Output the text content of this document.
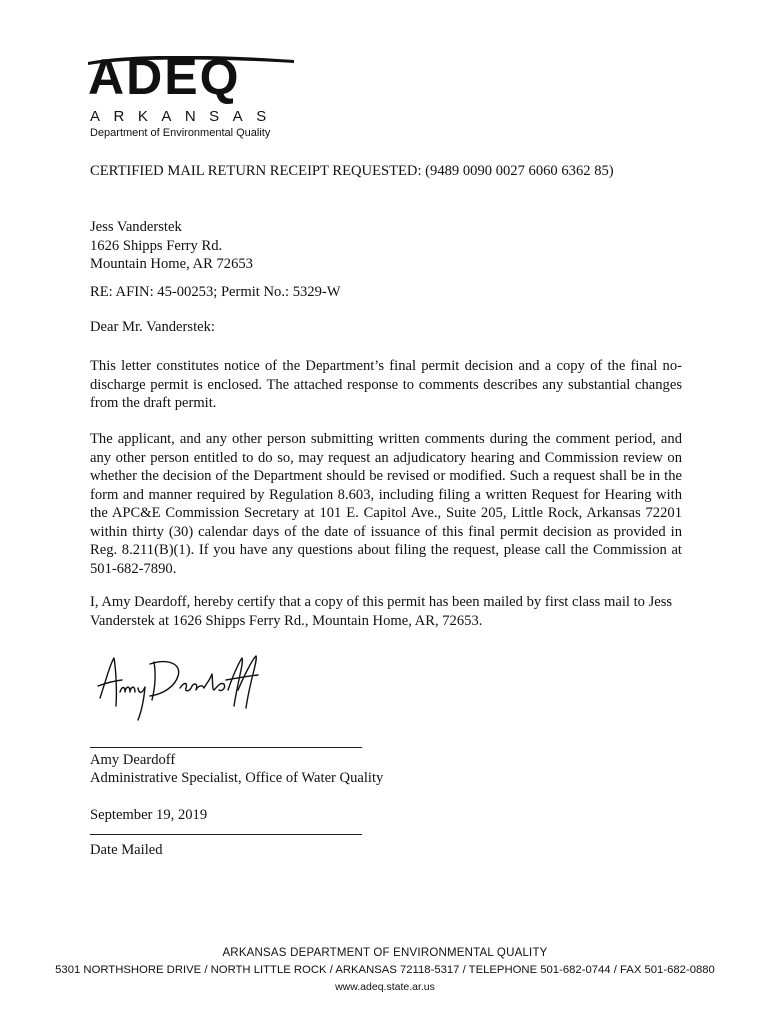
ADEQ
ARKANSAS
Department of Environmental Quality

CERTIFIED MAIL RETURN RECEIPT REQUESTED: (9489 0090 0027 6060 6362 85)

Jess Vanderstek
1626 Shipps Ferry Rd.
Mountain Home, AR 72653

RE: AFIN: 45-00253; Permit No.: 5329-W

Dear Mr. Vanderstek:

This letter constitutes notice of the Department’s final permit decision and a copy of the final no-discharge permit is enclosed. The attached response to comments describes any substantial changes from the draft permit.

The applicant, and any other person submitting written comments during the comment period, and any other person entitled to do so, may request an adjudicatory hearing and Commission review on whether the decision of the Department should be revised or modified. Such a request shall be in the form and manner required by Regulation 8.603, including filing a written Request for Hearing with the APC&E Commission Secretary at 101 E. Capitol Ave., Suite 205, Little Rock, Arkansas 72201 within thirty (30) calendar days of the date of issuance of this final permit decision as provided in Reg. 8.211(B)(1). If you have any questions about filing the request, please call the Commission at 501-682-7890.

I, Amy Deardoff, hereby certify that a copy of this permit has been mailed by first class mail to Jess Vanderstek at 1626 Shipps Ferry Rd., Mountain Home, AR, 72653.

Amy Deardoff

Administrative Specialist, Office of Water Quality

September 19, 2019

Date Mailed

ARKANSAS DEPARTMENT OF ENVIRONMENTAL QUALITY

5301 NORTHSHORE DRIVE / NORTH LITTLE ROCK / ARKANSAS 72118-5317 / TELEPHONE 501-682-0744 / FAX 501-682-0880

www.adeq.state.ar.us
